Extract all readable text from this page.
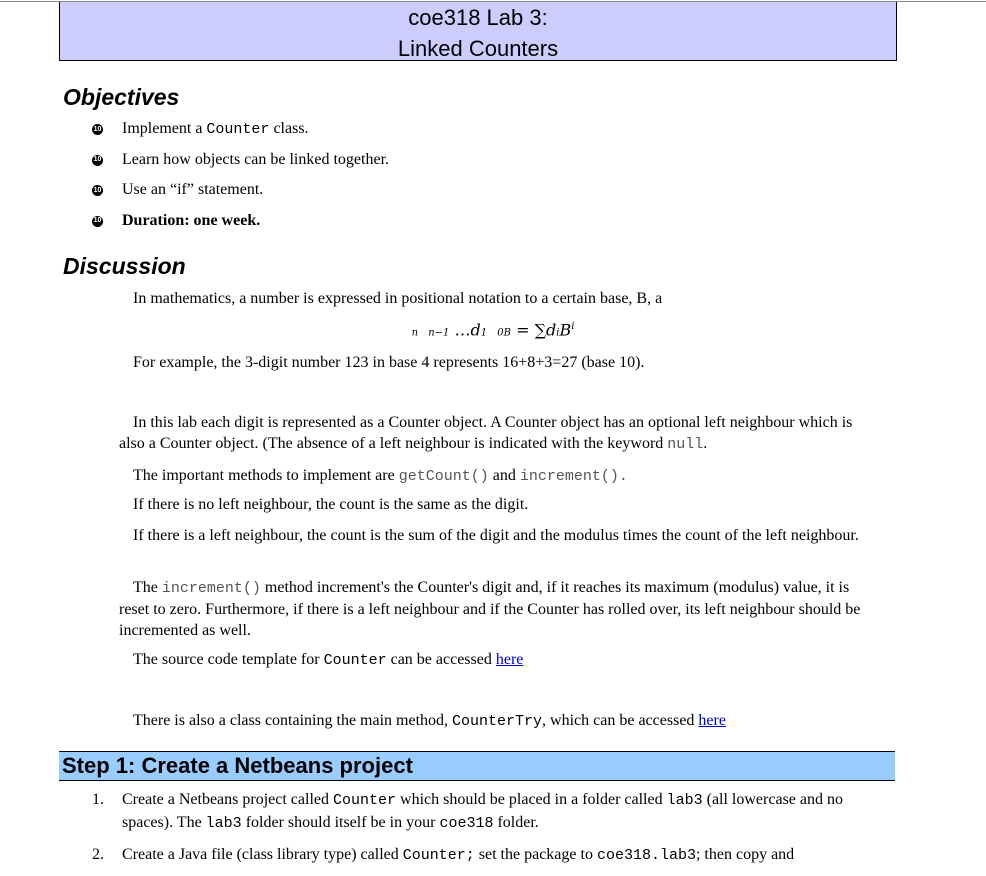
coe318 Lab 3:
Linked Counters
Objectives
10 Implement a Counter class.
10 Learn how objects can be linked together.
10 Use an “if” statement.
10 Duration: one week.
Discussion

In mathematics, a number is expressed in positional notation to a certain base, B, a

n n−1 …d1 0B = ∑diB$^i$

For example, the 3-digit number 123 in base 4 represents 16+8+3=27 (base 10).

In this lab each digit is represented as a Counter object. A Counter object has an optional left neighbour which is also a Counter object. (The absence of a left neighbour is indicated with the keyword null.

The important methods to implement are getCount() and increment().

If there is no left neighbour, the count is the same as the digit.

If there is a left neighbour, the count is the sum of the digit and the modulus times the count of the left neighbour.

The increment() method increment's the Counter's digit and, if it reaches its maximum (modulus) value, it is reset to zero. Furthermore, if there is a left neighbour and if the Counter has rolled over, its left neighbour should be incremented as well.

The source code template for Counter can be accessed here

There is also a class containing the main method, CounterTry, which can be accessed here

Step 1: Create a Netbeans project
1.	Create a Netbeans project called Counter which should be placed in a folder called lab3 (all lowercase and no spaces). The lab3 folder should itself be in your coe318 folder.
2.	Create a Java file (class library type) called Counter; set the package to coe318.lab3; then copy and
